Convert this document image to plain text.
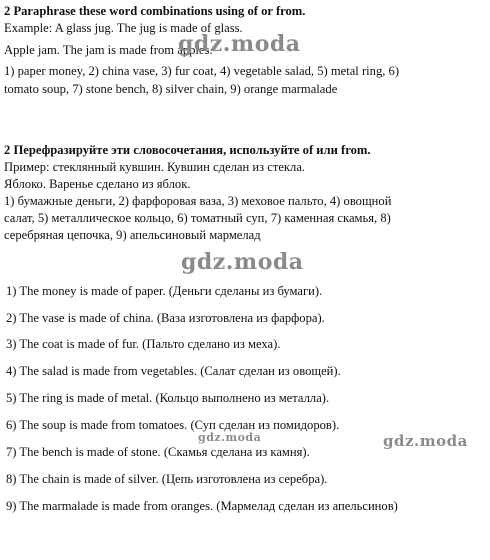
2 Paraphrase these word combinations using of or from.
Example: A glass jug. The jug is made of glass.
Apple jam. The jam is made from apples.
1) paper money, 2) china vase, 3) fur coat, 4) vegetable salad, 5) metal ring, 6)
tomato soup, 7) stone bench, 8) silver chain, 9) orange marmalade
2 Перефразируйте эти словосочетания, используйте of или from.
Пример: стеклянный кувшин. Кувшин сделан из стекла.
Яблоко. Варенье сделано из яблок.
1) бумажные деньги, 2) фарфоровая ваза, 3) меховое пальто, 4) овощной
салат, 5) металлическое кольцо, 6) томатный суп, 7) каменная скамья, 8)
серебряная цепочка, 9) апельсиновый мармелад
1) The money is made of paper. (Деньги сделаны из бумаги).
2) The vase is made of china. (Ваза изготовлена из фарфора).
3) The coat is made of fur. (Пальто сделано из меха).
4) The salad is made from vegetables. (Салат сделан из овощей).
5) The ring is made of metal. (Кольцо выполнено из металла).
6) The soup is made from tomatoes. (Суп сделан из помидоров).
7) The bench is made of stone. (Скамья сделана из камня).
8) The chain is made of silver. (Цепь изготовлена из серебра).
9) The marmalade is made from oranges. (Мармелад сделан из апельсинов)
gdz.moda
gdz.moda
gdz.moda	gdz.moda
